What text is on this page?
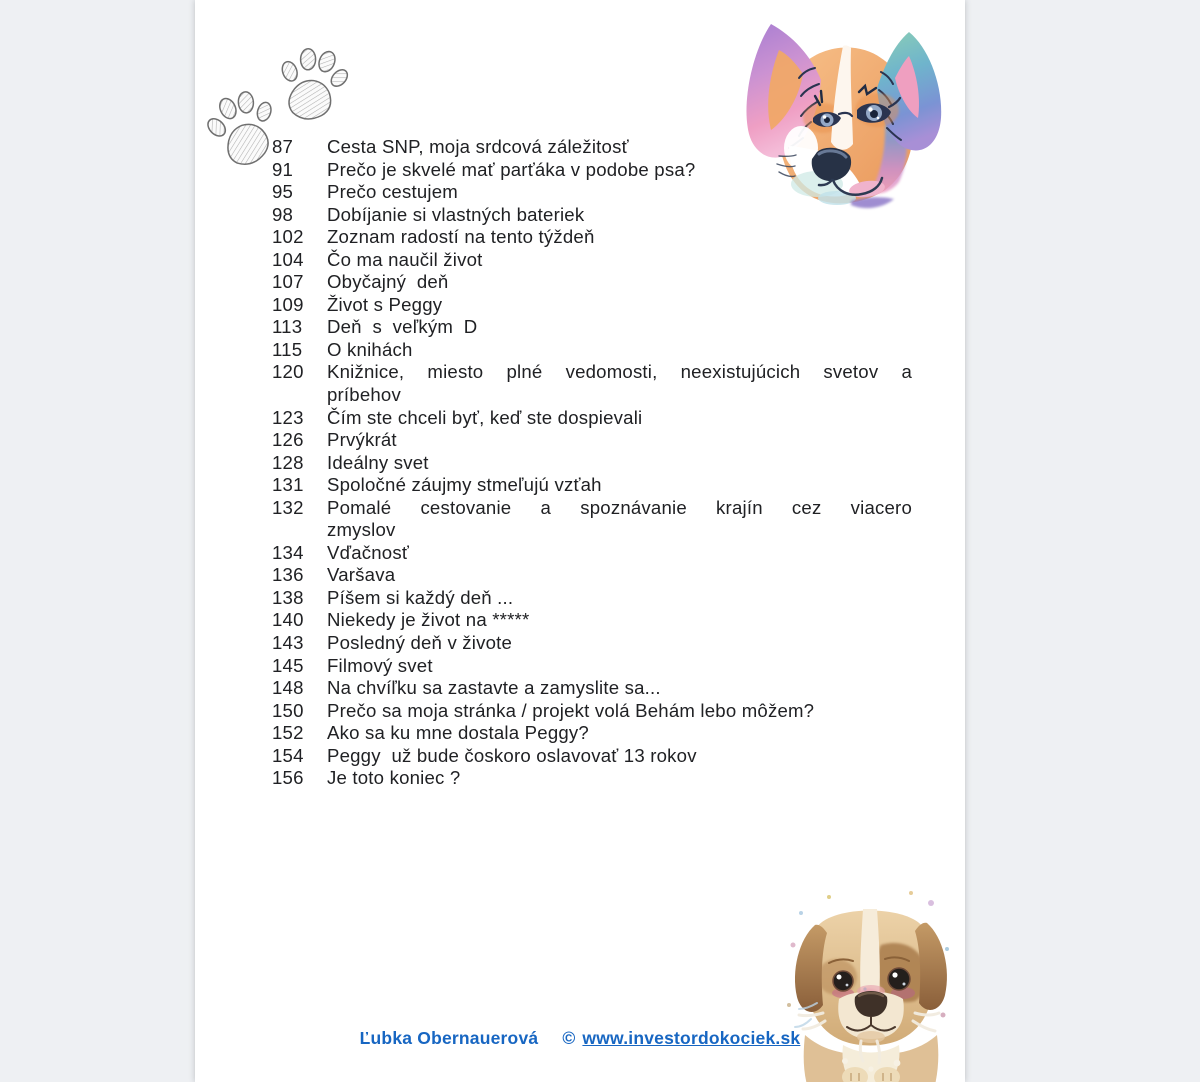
87	Cesta SNP, moja srdcová záležitosť
91	Prečo je skvelé mať parťáka v podobe psa?
95	Prečo cestujem
98	Dobíjanie si vlastných bateriek
102	Zoznam radostí na tento týždeň
104	Čo ma naučil život
107	Obyčajný  deň
109	Život s Peggy
113	Deň  s  veľkým  D
115	O knihách
120	Knižnice, miesto plné vedomosti, neexistujúcich svetov a
príbehov
123	Čím ste chceli byť, keď ste dospievali
126	Prvýkrát
128	Ideálny svet
131	Spoločné záujmy stmeľujú vzťah
132	Pomalé cestovanie a spoznávanie krajín cez viacero
zmyslov
134	Vďačnosť
136	Varšava
138	Píšem si každý deň ...
140	Niekedy je život na *****
143	Posledný deň v živote
145	Filmový svet
148	Na chvíľku sa zastavte a zamyslite sa...
150	Prečo sa moja stránka / projekt volá Behám lebo môžem?
152	Ako sa ku mne dostala Peggy?
154	Peggy  už bude čoskoro oslavovať 13 rokov
156	Je toto koniec ?
Ľubka Obernauerová © www.investordokociek.sk
